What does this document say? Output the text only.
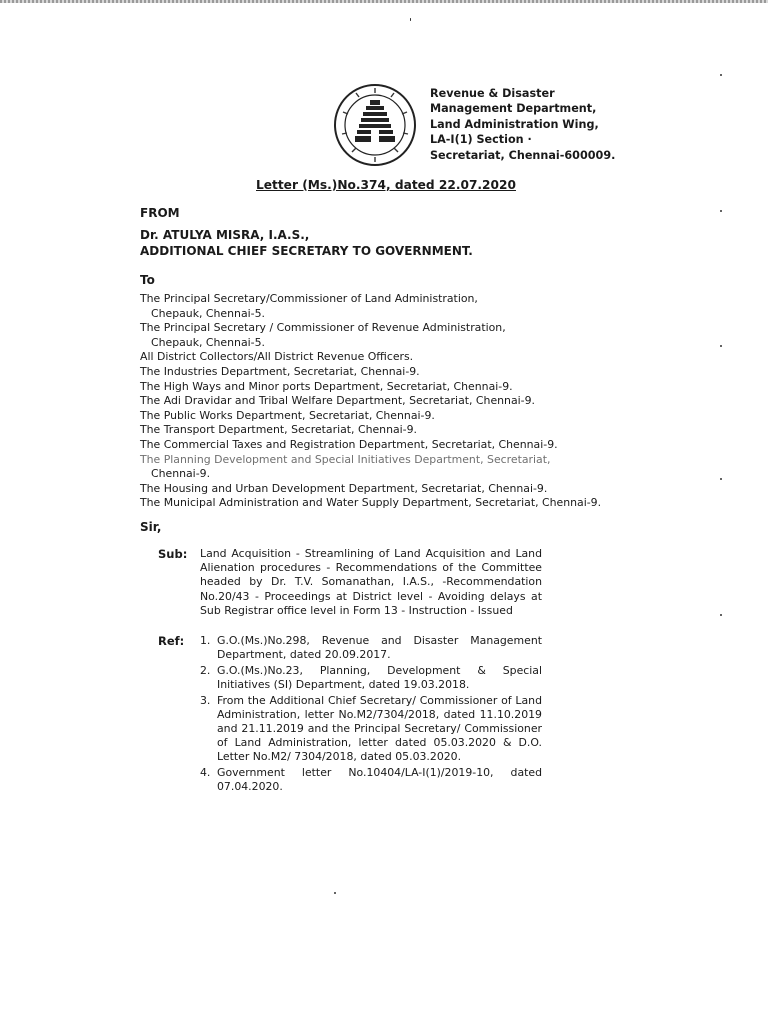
Revenue & Disaster
Management Department,
Land Administration Wing,
LA-I(1) Section ·
Secretariat, Chennai-600009.
Letter (Ms.)No.374, dated 22.07.2020
FROM
Dr. ATULYA MISRA, I.A.S.,
ADDITIONAL CHIEF SECRETARY TO GOVERNMENT.
To
The Principal Secretary/Commissioner of Land Administration,
Chepauk, Chennai-5.
The Principal Secretary / Commissioner of Revenue Administration,
Chepauk, Chennai-5.
All District Collectors/All District Revenue Officers.
The Industries Department, Secretariat, Chennai-9.
The High Ways and Minor ports Department, Secretariat, Chennai-9.
The Adi Dravidar and Tribal Welfare Department, Secretariat, Chennai-9.
The Public Works Department, Secretariat, Chennai-9.
The Transport Department, Secretariat, Chennai-9.
The Commercial Taxes and Registration Department, Secretariat, Chennai-9.
The Planning Development and Special Initiatives Department, Secretariat,
Chennai-9.
The Housing and Urban Development Department, Secretariat, Chennai-9.
The Municipal Administration and Water Supply Department, Secretariat, Chennai-9.
Sir,
Sub: Land Acquisition - Streamlining of Land Acquisition and Land Alienation procedures - Recommendations of the Committee headed by Dr. T.V. Somanathan, I.A.S., -Recommendation No.20/43 - Proceedings at District level - Avoiding delays at Sub Registrar office level in Form 13 - Instruction - Issued
Ref: 1. G.O.(Ms.)No.298, Revenue and Disaster Management Department, dated 20.09.2017.
2. G.O.(Ms.)No.23, Planning, Development & Special Initiatives (SI) Department, dated 19.03.2018.
3. From the Additional Chief Secretary/ Commissioner of Land Administration, letter No.M2/7304/2018, dated 11.10.2019 and 21.11.2019 and the Principal Secretary/ Commissioner of Land Administration, letter dated 05.03.2020 & D.O. Letter No.M2/ 7304/2018, dated 05.03.2020.
4. Government letter No.10404/LA-I(1)/2019-10, dated 07.04.2020.
